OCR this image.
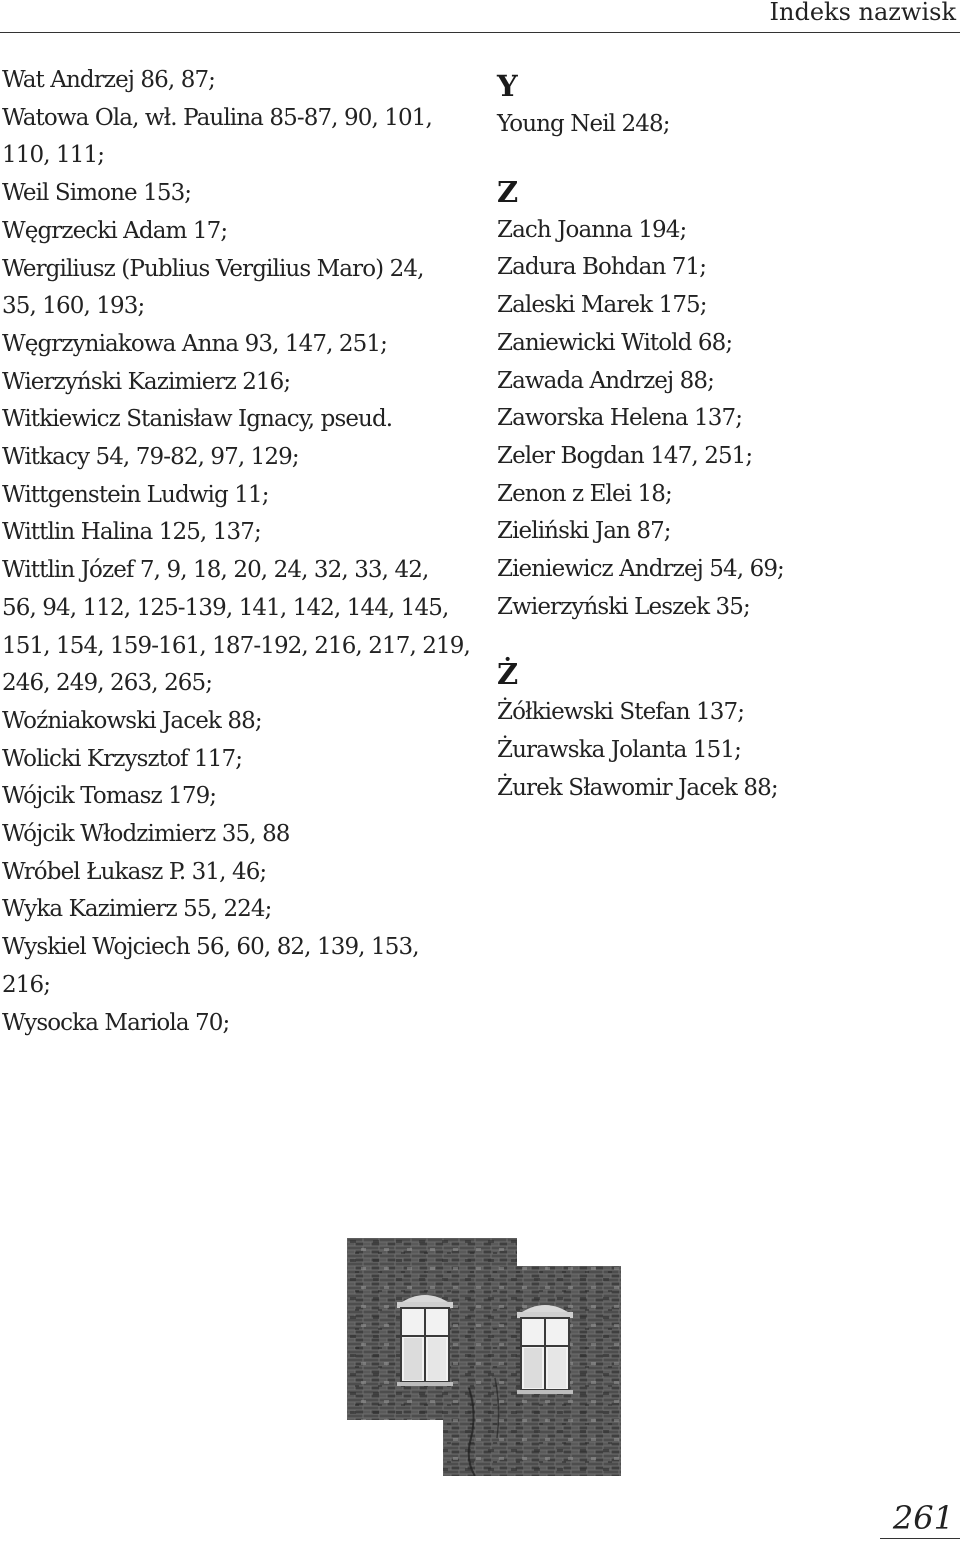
Indeks nazwisk
Wat Andrzej 86, 87;
Watowa Ola, wł. Paulina 85-87, 90, 101,
110, 111;
Weil Simone 153;
Węgrzecki Adam 17;
Wergiliusz (Publius Vergilius Maro) 24,
35, 160, 193;
Węgrzyniakowa Anna 93, 147, 251;
Wierzyński Kazimierz 216;
Witkiewicz Stanisław Ignacy, pseud.
Witkacy 54, 79-82, 97, 129;
Wittgenstein Ludwig 11;
Wittlin Halina 125, 137;
Wittlin Józef 7, 9, 18, 20, 24, 32, 33, 42,
56, 94, 112, 125-139, 141, 142, 144, 145,
151, 154, 159-161, 187-192, 216, 217, 219,
246, 249, 263, 265;
Woźniakowski Jacek 88;
Wolicki Krzysztof 117;
Wójcik Tomasz 179;
Wójcik Włodzimierz 35, 88
Wróbel Łukasz P. 31, 46;
Wyka Kazimierz 55, 224;
Wyskiel Wojciech 56, 60, 82, 139, 153,
216;
Wysocka Mariola 70;
Y
Young Neil 248;
Z
Zach Joanna 194;
Zadura Bohdan 71;
Zaleski Marek 175;
Zaniewicki Witold 68;
Zawada Andrzej 88;
Zaworska Helena 137;
Zeler Bogdan 147, 251;
Zenon z Elei 18;
Zieliński Jan 87;
Zieniewicz Andrzej 54, 69;
Zwierzyński Leszek 35;
Ż
Żółkiewski Stefan 137;
Żurawska Jolanta 151;
Żurek Sławomir Jacek 88;
261
